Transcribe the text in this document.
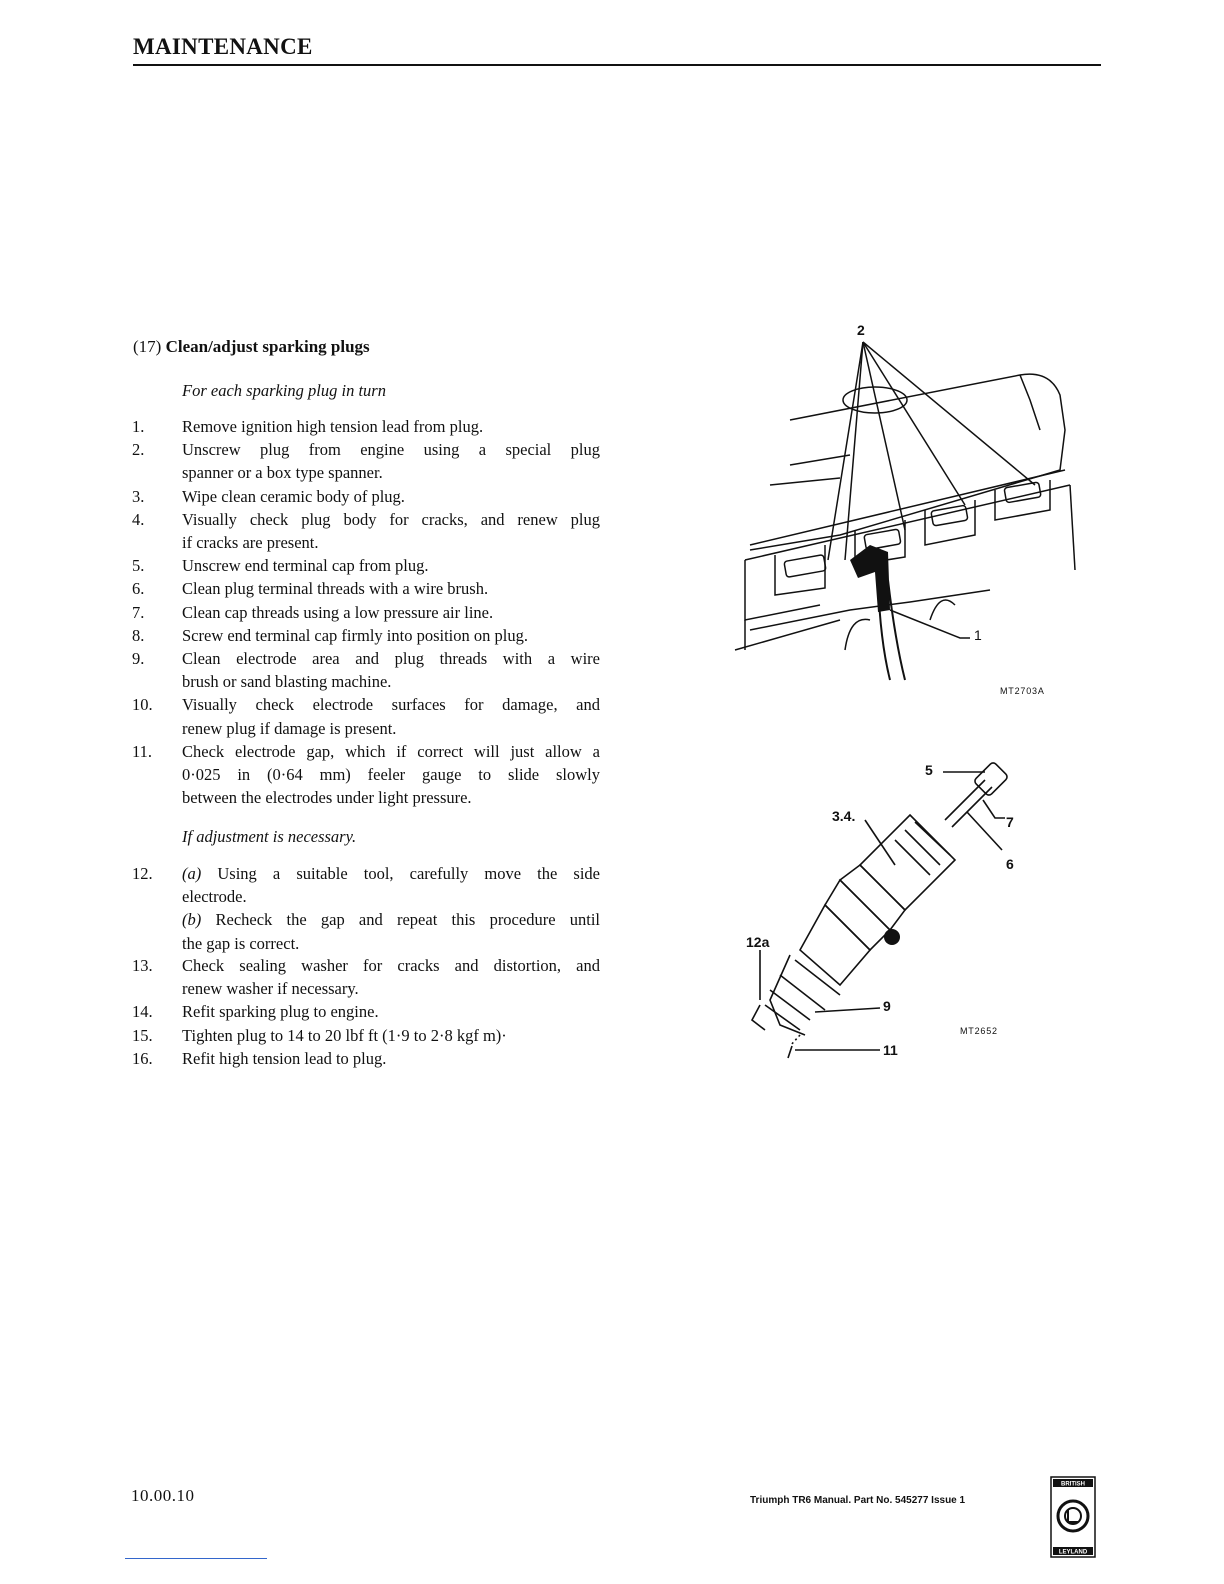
MAINTENANCE
(17) Clean/adjust sparking plugs
For each sparking plug in turn
1.	Remove ignition high tension lead from plug.
2.	Unscrew plug from engine using a special plug
spanner or a box type spanner.
3.	Wipe clean ceramic body of plug.
4.	Visually check plug body for cracks, and renew plug
if cracks are present.
5.	Unscrew end terminal cap from plug.
6.	Clean plug terminal threads with a wire brush.
7.	Clean cap threads using a low pressure air line.
8.	Screw end terminal cap firmly into position on plug.
9.	Clean electrode area and plug threads with a wire
brush or sand blasting machine.
10.	Visually check electrode surfaces for damage, and
renew plug if damage is present.
11.	Check electrode gap, which if correct will just allow a
0·025 in (0·64 mm) feeler gauge to slide slowly
between the electrodes under light pressure.
If adjustment is necessary.
12.	(a) Using a suitable tool, carefully move the side
electrode.
(b) Recheck the gap and repeat this procedure until
the gap is correct.
13.	Check sealing washer for cracks and distortion, and
renew washer if necessary.
14.	Refit sparking plug to engine.
15.	Tighten plug to 14 to 20 lbf ft (1·9 to 2·8 kgf m)·
16.	Refit high tension lead to plug.
2
1
MT2703A
5
3.4.	7
6
12a
9
11
MT2652
10.00.10	Triumph TR6 Manual. Part No. 545277 Issue 1
BRITISH
LEYLAND
